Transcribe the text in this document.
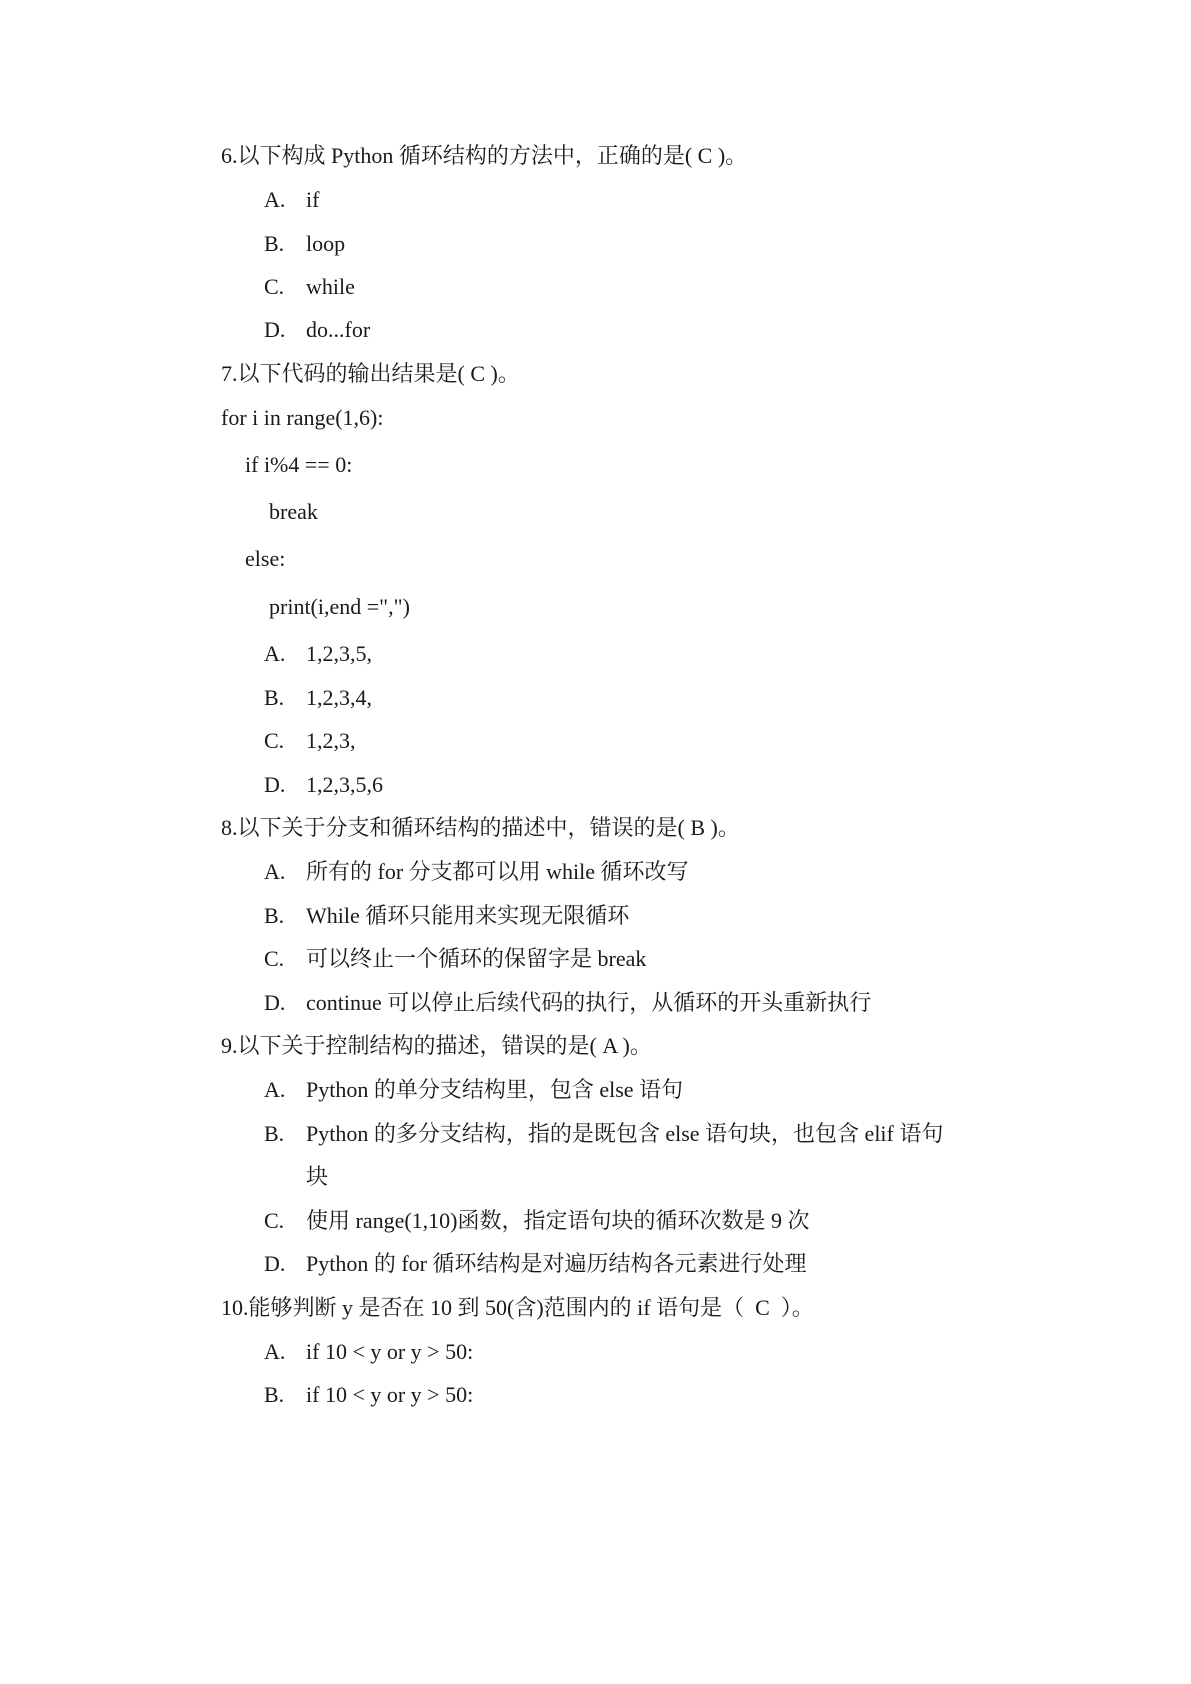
6.以下构成 Python 循环结构的方法中，正确的是( C )。
A. if
B. loop
C. while
D. do...for
7.以下代码的输出结果是( C )。
for i in range(1,6):
if i%4 == 0:
break
else:
print(i,end =",")
A. 1,2,3,5,
B. 1,2,3,4,
C. 1,2,3,
D. 1,2,3,5,6
8.以下关于分支和循环结构的描述中，错误的是( B )。
A. 所有的 for 分支都可以用 while 循环改写
B. While 循环只能用来实现无限循环
C. 可以终止一个循环的保留字是 break
D. continue 可以停止后续代码的执行，从循环的开头重新执行
9.以下关于控制结构的描述，错误的是( A )。
A. Python 的单分支结构里，包含 else 语句
B. Python 的多分支结构，指的是既包含 else 语句块，也包含 elif 语句
块
C. 使用 range(1,10)函数，指定语句块的循环次数是 9 次
D. Python 的 for 循环结构是对遍历结构各元素进行处理
10.能够判断 y 是否在 10 到 50(含)范围内的 if 语句是（  C  ）。
A. if 10 < y or y > 50:
B. if 10 < y or y > 50:
